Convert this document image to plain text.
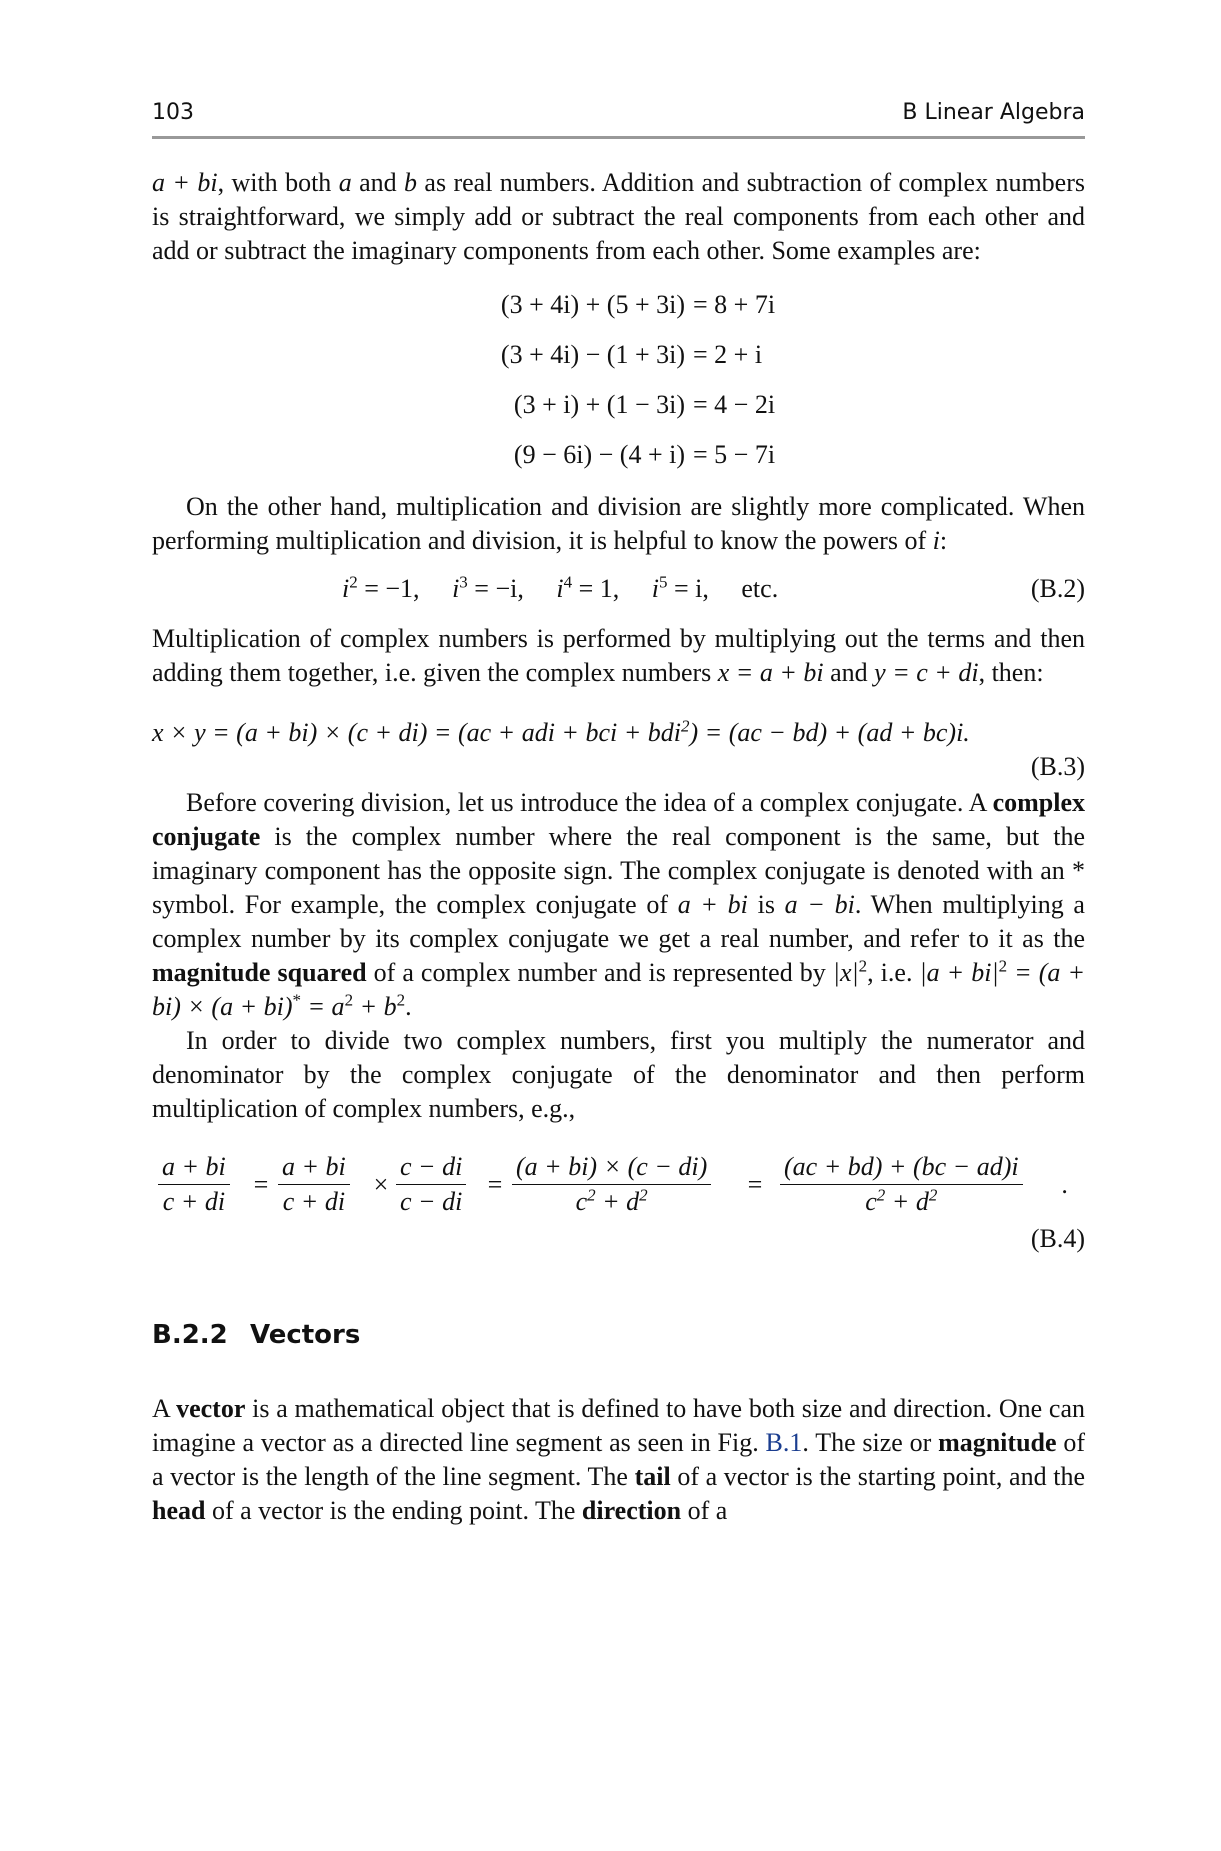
103	B Linear Algebra

a + bi, with both a and b as real numbers. Addition and subtraction of complex numbers is straightforward, we simply add or subtract the real components from each other and add or subtract the imaginary components from each other. Some examples are:

(3 + 4i) + (5 + 3i) = 8 + 7i
(3 + 4i) − (1 + 3i) = 2 + i
(3 + i) + (1 − 3i) = 4 − 2i
(9 − 6i) − (4 + i) = 5 − 7i

On the other hand, multiplication and division are slightly more complicated. When performing multiplication and division, it is helpful to know the powers of i:

$i^2 = -1$, $i^3 = -i$, $i^4 = 1$, $i^5 = i$, etc.	(B.2)

Multiplication of complex numbers is performed by multiplying out the terms and then adding them together, i.e. given the complex numbers x = a + bi and y = c + di, then:

x × y = (a + bi) × (c + di) = (ac + adi + bci + bdi$^2$) = (ac − bd) + (ad + bc)i.
(B.3)

Before covering division, let us introduce the idea of a complex conjugate. A complex conjugate is the complex number where the real component is the same, but the imaginary component has the opposite sign. The complex conjugate is denoted with an * symbol. For example, the complex conjugate of a + bi is a − bi. When multiplying a complex number by its complex conjugate we get a real number, and refer to it as the magnitude squared of a complex number and is represented by $|x|^2$, i.e. $|a + bi|^2 = (a + bi) \times (a + bi)^* = a^2 + b^2$.

In order to divide two complex numbers, first you multiply the numerator and denominator by the complex conjugate of the denominator and then perform multiplication of complex numbers, e.g.,

$\frac{a + bi}{c + di} = \frac{a + bi}{c + di} \times \frac{c - di}{c - di} = \frac{(a + bi) \times (c - di)}{c^2 + d^2} = \frac{(ac + bd) + (bc - ad)i}{c^2 + d^2}$ .
(B.4)
B.2.2 Vectors

A vector is a mathematical object that is defined to have both size and direction. One can imagine a vector as a directed line segment as seen in Fig. B.1. The size or magnitude of a vector is the length of the line segment. The tail of a vector is the starting point, and the head of a vector is the ending point. The direction of a
